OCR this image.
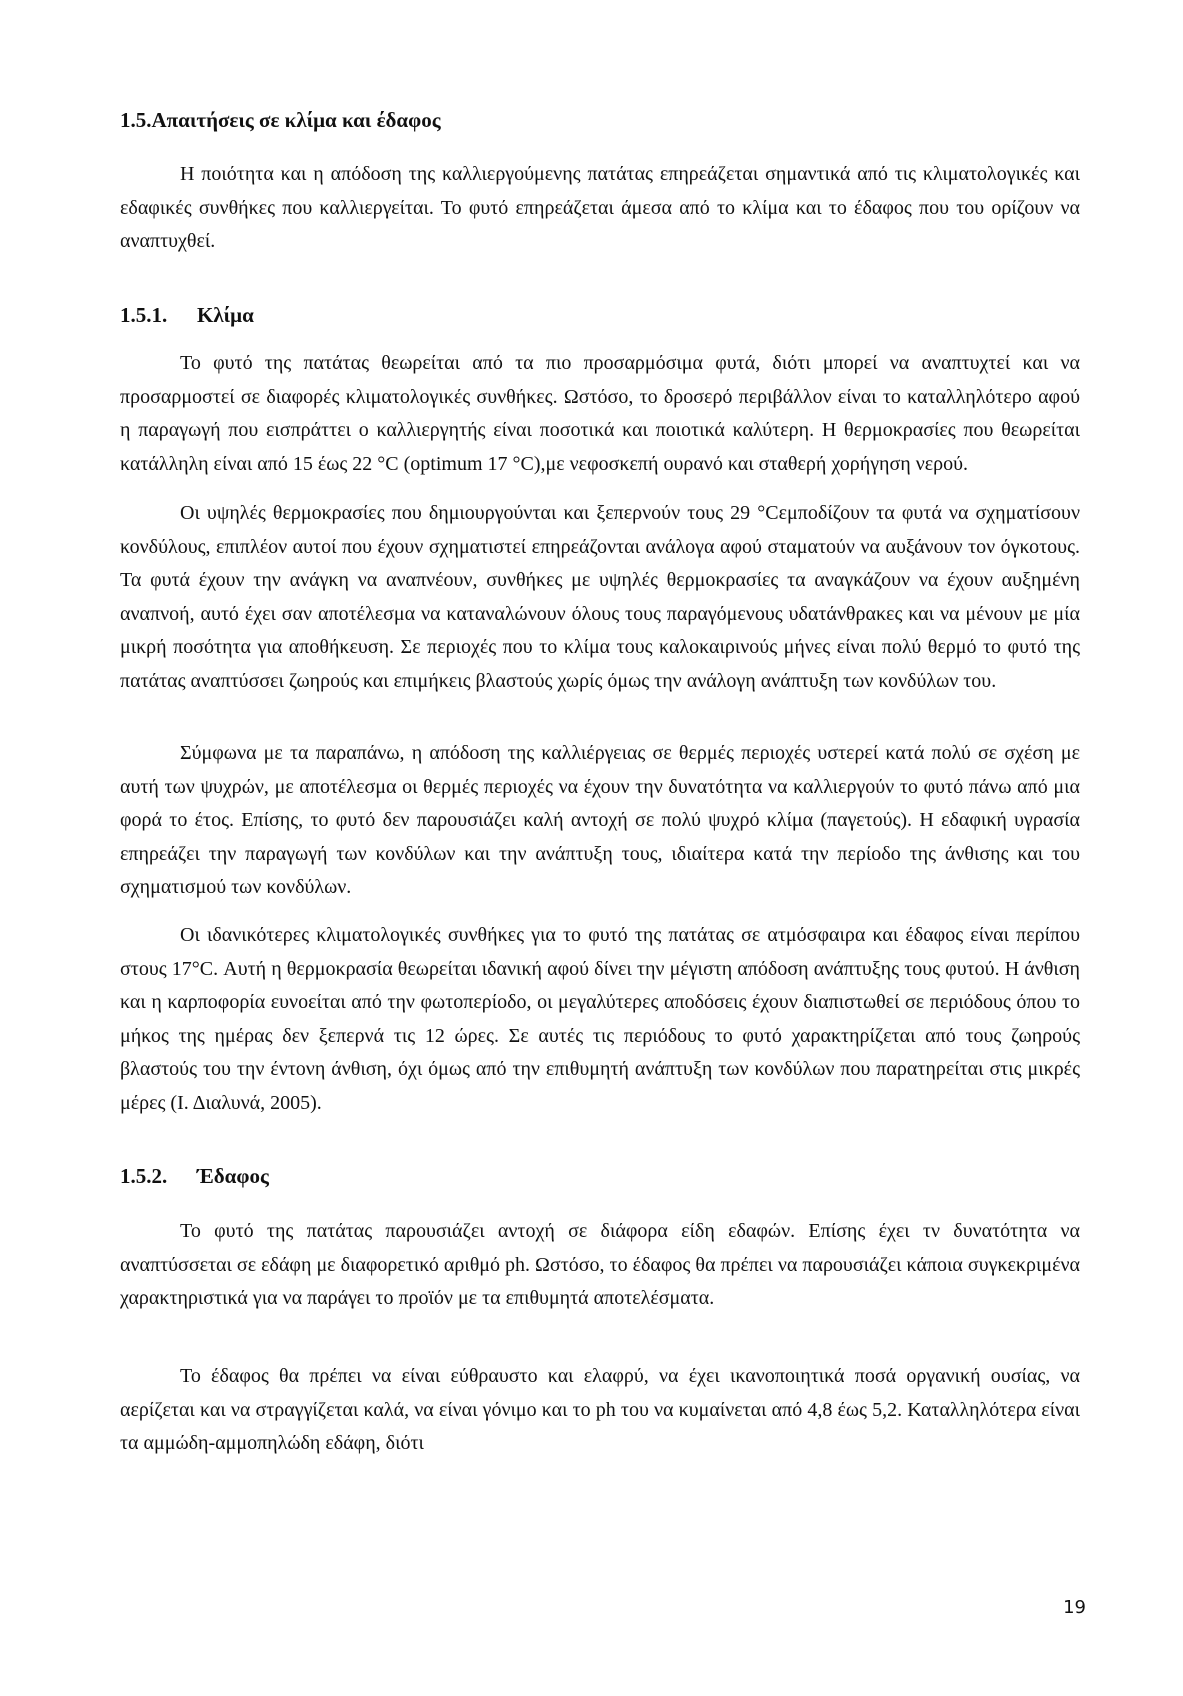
1.5.Απαιτήσεις σε κλίμα και έδαφος

Η ποιότητα και η απόδοση της καλλιεργούμενης πατάτας επηρεάζεται σημαντικά από τις κλιματολογικές και εδαφικές συνθήκες που καλλιεργείται. Το φυτό επηρεάζεται άμεσα από το κλίμα και το έδαφος που του ορίζουν να αναπτυχθεί.

1.5.1. Κλίμα

Το φυτό της πατάτας θεωρείται από τα πιο προσαρμόσιμα φυτά, διότι μπορεί να αναπτυχτεί και να προσαρμοστεί σε διαφορές κλιματολογικές συνθήκες. Ωστόσο, το δροσερό περιβάλλον είναι το καταλληλότερο αφού η παραγωγή που εισπράττει ο καλλιεργητής είναι ποσοτικά και ποιοτικά καλύτερη. Η θερμοκρασίες που θεωρείται κατάλληλη είναι από 15 έως 22 °C (optimum 17 °C),με νεφοσκεπή ουρανό και σταθερή χορήγηση νερού.

Οι υψηλές θερμοκρασίες που δημιουργούνται και ξεπερνούν τους 29 °Cεμποδίζουν τα φυτά να σχηματίσουν κονδύλους, επιπλέον αυτοί που έχουν σχηματιστεί επηρεάζονται ανάλογα αφού σταματούν να αυξάνουν τον όγκοτους. Τα φυτά έχουν την ανάγκη να αναπνέουν, συνθήκες με υψηλές θερμοκρασίες τα αναγκάζουν να έχουν αυξημένη αναπνοή, αυτό έχει σαν αποτέλεσμα να καταναλώνουν όλους τους παραγόμενους υδατάνθρακες και να μένουν με μία μικρή ποσότητα για αποθήκευση. Σε περιοχές που το κλίμα τους καλοκαιρινούς μήνες είναι πολύ θερμό το φυτό της πατάτας αναπτύσσει ζωηρούς και επιμήκεις βλαστούς χωρίς όμως την ανάλογη ανάπτυξη των κονδύλων του.

Σύμφωνα με τα παραπάνω, η απόδοση της καλλιέργειας σε θερμές περιοχές υστερεί κατά πολύ σε σχέση με αυτή των ψυχρών, με αποτέλεσμα οι θερμές περιοχές να έχουν την δυνατότητα να καλλιεργούν το φυτό πάνω από μια φορά το έτος. Επίσης, το φυτό δεν παρουσιάζει καλή αντοχή σε πολύ ψυχρό κλίμα (παγετούς). Η εδαφική υγρασία επηρεάζει την παραγωγή των κονδύλων και την ανάπτυξη τους, ιδιαίτερα κατά την περίοδο της άνθισης και του σχηματισμού των κονδύλων.

Οι ιδανικότερες κλιματολογικές συνθήκες για το φυτό της πατάτας σε ατμόσφαιρα και έδαφος είναι περίπου στους 17°C. Αυτή η θερμοκρασία θεωρείται ιδανική αφού δίνει την μέγιστη απόδοση ανάπτυξης τους φυτού. Η άνθιση και η καρποφορία ευνοείται από την φωτοπερίοδο, οι μεγαλύτερες αποδόσεις έχουν διαπιστωθεί σε περιόδους όπου το μήκος της ημέρας δεν ξεπερνά τις 12 ώρες. Σε αυτές τις περιόδους το φυτό χαρακτηρίζεται από τους ζωηρούς βλαστούς του την έντονη άνθιση, όχι όμως από την επιθυμητή ανάπτυξη των κονδύλων που παρατηρείται στις μικρές μέρες (Ι. Διαλυνά, 2005).

1.5.2. Έδαφος

Το φυτό της πατάτας παρουσιάζει αντοχή σε διάφορα είδη εδαφών. Επίσης έχει τν δυνατότητα να αναπτύσσεται σε εδάφη με διαφορετικό αριθμό ph. Ωστόσο, το έδαφος θα πρέπει να παρουσιάζει κάποια συγκεκριμένα χαρακτηριστικά για να παράγει το προϊόν με τα επιθυμητά αποτελέσματα.

Το έδαφος θα πρέπει να είναι εύθραυστο και ελαφρύ, να έχει ικανοποιητικά ποσά οργανική ουσίας, να αερίζεται και να στραγγίζεται καλά, να είναι γόνιμο και το ph του να κυμαίνεται από 4,8 έως 5,2. Καταλληλότερα είναι τα αμμώδη-αμμοπηλώδη εδάφη, διότι

19
